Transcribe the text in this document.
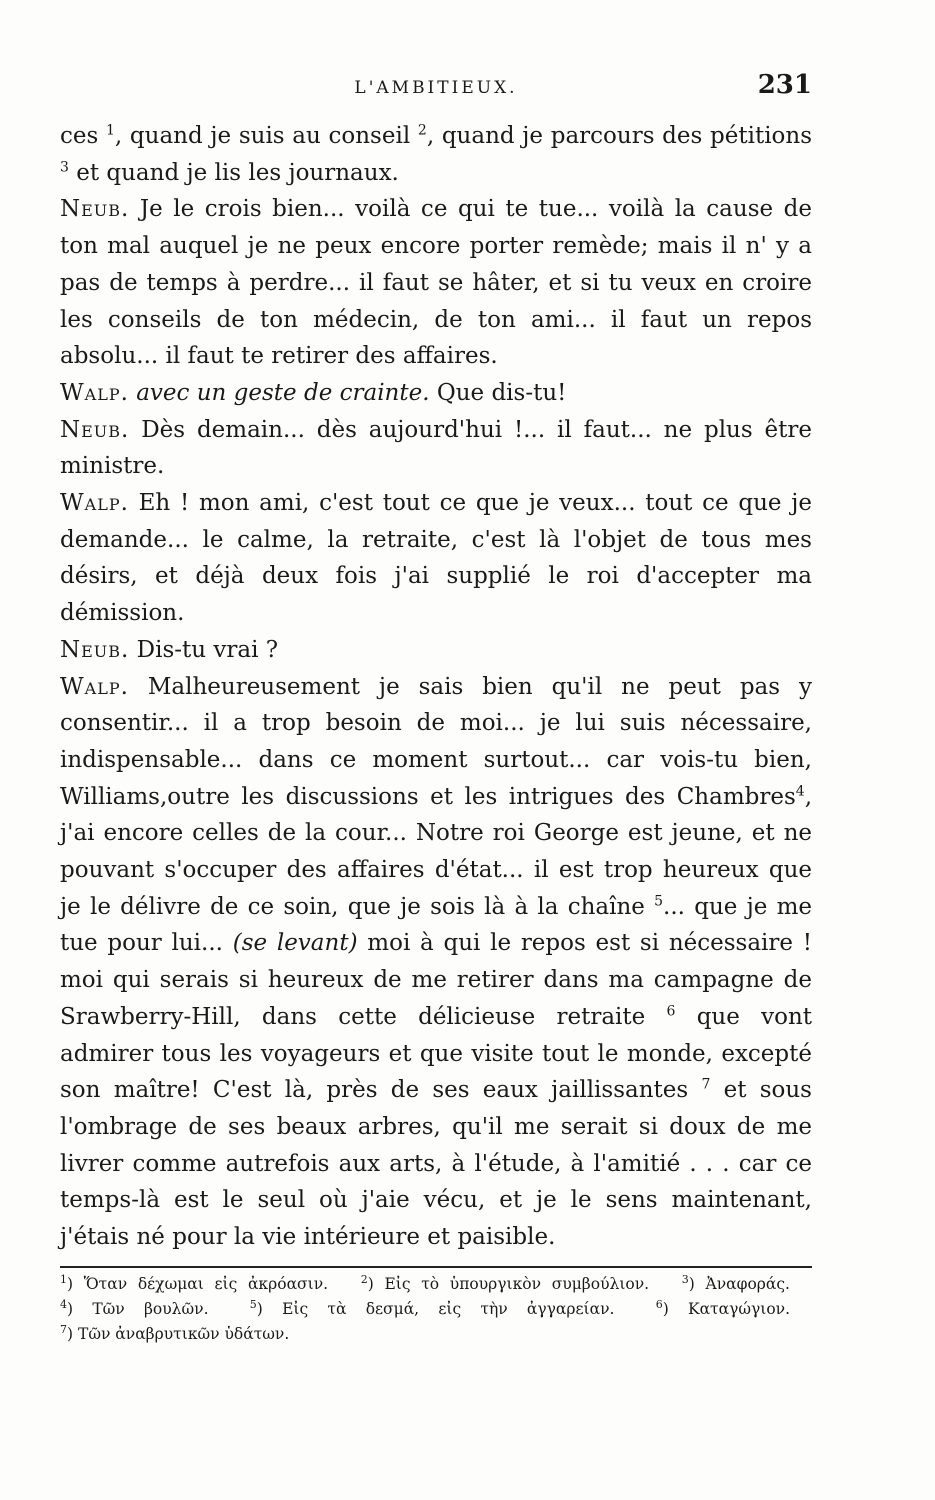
L'AMBITIEUX.	231

ces $^1$, quand je suis au conseil $^2$, quand je parcours des pétitions $^3$ et quand je lis les journaux.

Neub. Je le crois bien... voilà ce qui te tue... voilà la cause de ton mal auquel je ne peux encore porter remède; mais il n' y a pas de temps à perdre... il faut se hâter, et si tu veux en croire les conseils de ton médecin, de ton ami... il faut un repos absolu... il faut te retirer des affaires.

Walp. avec un geste de crainte. Que dis-tu!

Neub. Dès demain... dès aujourd'hui !... il faut... ne plus être ministre.

Walp. Eh ! mon ami, c'est tout ce que je veux... tout ce que je demande... le calme, la retraite, c'est là l'objet de tous mes désirs, et déjà deux fois j'ai supplié le roi d'accepter ma démission.

Neub. Dis-tu vrai ?

Walp. Malheureusement je sais bien qu'il ne peut pas y consentir... il a trop besoin de moi... je lui suis nécessaire, indispensable... dans ce moment surtout... car vois-tu bien, Williams,outre les discussions et les intrigues des Chambres$^4$, j'ai encore celles de la cour... Notre roi George est jeune, et ne pouvant s'occuper des affaires d'état... il est trop heureux que je le délivre de ce soin, que je sois là à la chaîne $^5$... que je me tue pour lui... (se levant) moi à qui le repos est si nécessaire ! moi qui serais si heureux de me retirer dans ma campagne de Srawberry-Hill, dans cette délicieuse retraite $^6$ que vont admirer tous les voyageurs et que visite tout le monde, excepté son maître! C'est là, près de ses eaux jaillissantes $^7$ et sous l'ombrage de ses beaux arbres, qu'il me serait si doux de me livrer comme autrefois aux arts, à l'étude, à l'amitié . . . car ce temps-là est le seul où j'aie vécu, et je le sens maintenant, j'étais né pour la vie intérieure et paisible.

$^1$) Ὅταν δέχωμαι εἰς ἀκρόασιν.	$^2$) Εἰς τὸ ὑπουργικὸν συμβούλιον.	$^3$) Ἀναφοράς. $^4$) Τῶν βουλῶν.	$^5$) Εἰς τὰ δεσμά, εἰς τὴν ἀγγαρείαν.	$^6$) Καταγώγιον. $^7$) Τῶν ἀναβρυτικῶν ὑδάτων.
